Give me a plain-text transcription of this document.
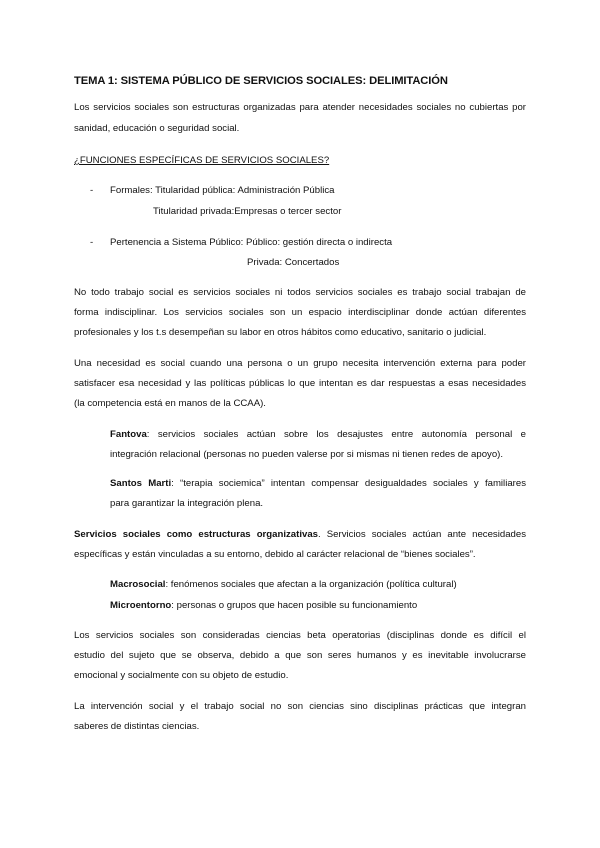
TEMA 1: SISTEMA PÚBLICO DE SERVICIOS SOCIALES: DELIMITACIÓN
Los servicios sociales son estructuras organizadas para atender necesidades sociales no cubiertas por
sanidad, educación o seguridad social.
¿FUNCIONES ESPECÍFICAS DE SERVICIOS SOCIALES?
- Formales: Titularidad pública: Administración Pública
Titularidad privada:Empresas o tercer sector
- Pertenencia a Sistema Público: Público: gestión directa o indirecta
Privada: Concertados
No todo trabajo social es servicios sociales ni todos servicios sociales es trabajo social trabajan de
forma indisciplinar. Los servicios sociales son un espacio interdisciplinar donde actúan diferentes
profesionales y los t.s desempeñan su labor en otros hábitos como educativo, sanitario o judicial.
Una necesidad es social cuando una persona o un grupo necesita intervención externa para poder
satisfacer esa necesidad y las políticas públicas lo que intentan es dar respuestas a esas necesidades
(la competencia está en manos de la CCAA).
Fantova: servicios sociales actúan sobre los desajustes entre autonomía personal e
integración relacional (personas no pueden valerse por si mismas ni tienen redes de apoyo).
Santos Marti: “terapia sociemica” intentan compensar desigualdades sociales y familiares
para garantizar la integración plena.
Servicios sociales como estructuras organizativas. Servicios sociales actúan ante necesidades
específicas y están vinculadas a su entorno, debido al carácter relacional de “bienes sociales”.
Macrosocial: fenómenos sociales que afectan a la organización (política cultural)
Microentorno: personas o grupos que hacen posible su funcionamiento
Los servicios sociales son consideradas ciencias beta operatorias (disciplinas donde es difícil el
estudio del sujeto que se observa, debido a que son seres humanos y es inevitable involucrarse
emocional y socialmente con su objeto de estudio.
La intervención social y el trabajo social no son ciencias sino disciplinas prácticas que integran
saberes de distintas ciencias.
